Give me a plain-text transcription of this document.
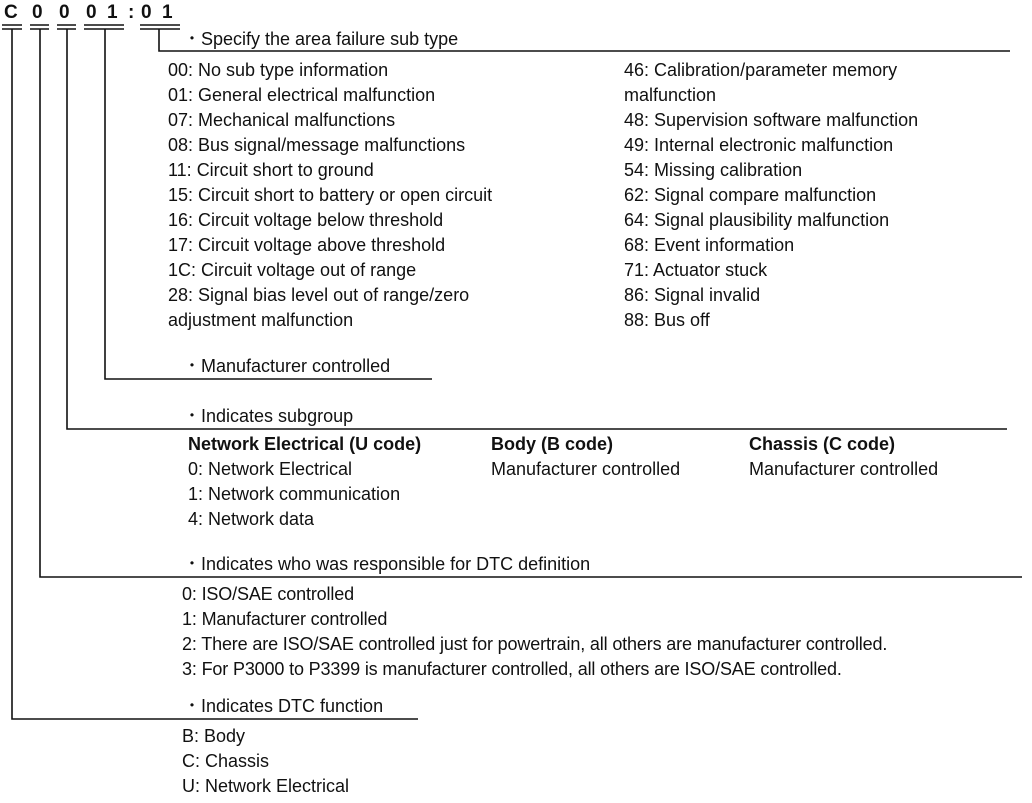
C 0 0 0 1 : 0 1
・Specify the area failure sub type
00: No sub type information
01: General electrical malfunction
07: Mechanical malfunctions
08: Bus signal/message malfunctions
11: Circuit short to ground
15: Circuit short to battery or open circuit
16: Circuit voltage below threshold
17: Circuit voltage above threshold
1C: Circuit voltage out of range
28: Signal bias level out of range/zero
adjustment malfunction
46: Calibration/parameter memory
malfunction
48: Supervision software malfunction
49: Internal electronic malfunction
54: Missing calibration
62: Signal compare malfunction
64: Signal plausibility malfunction
68: Event information
71: Actuator stuck
86: Signal invalid
88: Bus off
・Manufacturer controlled
・Indicates subgroup
Network Electrical (U code)
0: Network Electrical
1: Network communication
4: Network data
Body (B code)
Manufacturer controlled
Chassis (C code)
Manufacturer controlled
・Indicates who was responsible for DTC definition
0: ISO/SAE controlled
1: Manufacturer controlled
2: There are ISO/SAE controlled just for powertrain, all others are manufacturer controlled.
3: For P3000 to P3399 is manufacturer controlled, all others are ISO/SAE controlled.
・Indicates DTC function
B: Body
C: Chassis
U: Network Electrical
